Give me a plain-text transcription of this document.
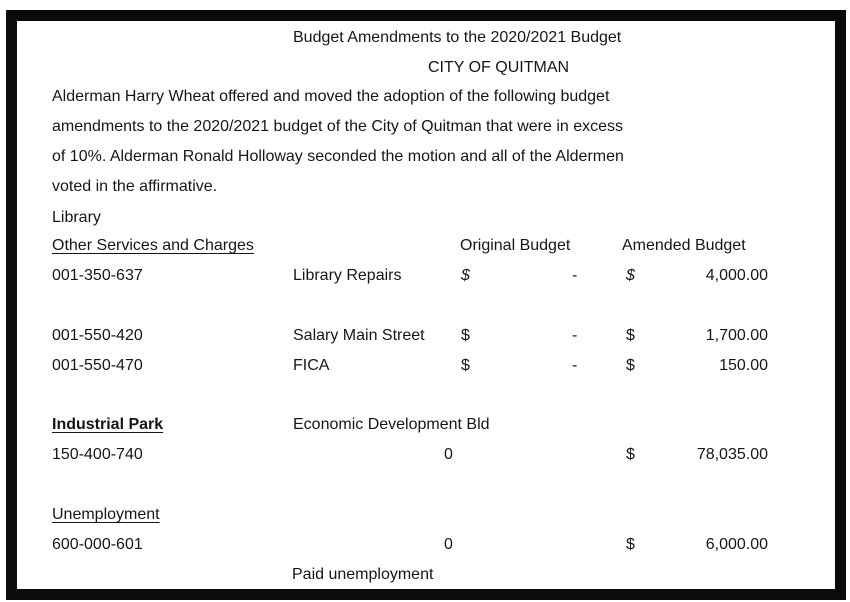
Budget Amendments to the 2020/2021 Budget
CITY OF QUITMAN
Alderman Harry Wheat offered and moved the adoption of the following budget
amendments to the 2020/2021 budget of the City of Quitman that were in excess
of 10%. Alderman Ronald Holloway seconded the motion and all of the Aldermen
voted in the affirmative.
Library
Other Services and Charges	Original Budget	Amended Budget
001-350-637	Library Repairs	$	-	$	4,000.00
001-550-420	Salary Main Street $	-	$	1,700.00
001-550-470	FICA	$	-	$	150.00
Industrial Park	Economic Development Bld
150-400-740	0	$	78,035.00
Unemployment
600-000-601	0	$	6,000.00
Paid unemployment
